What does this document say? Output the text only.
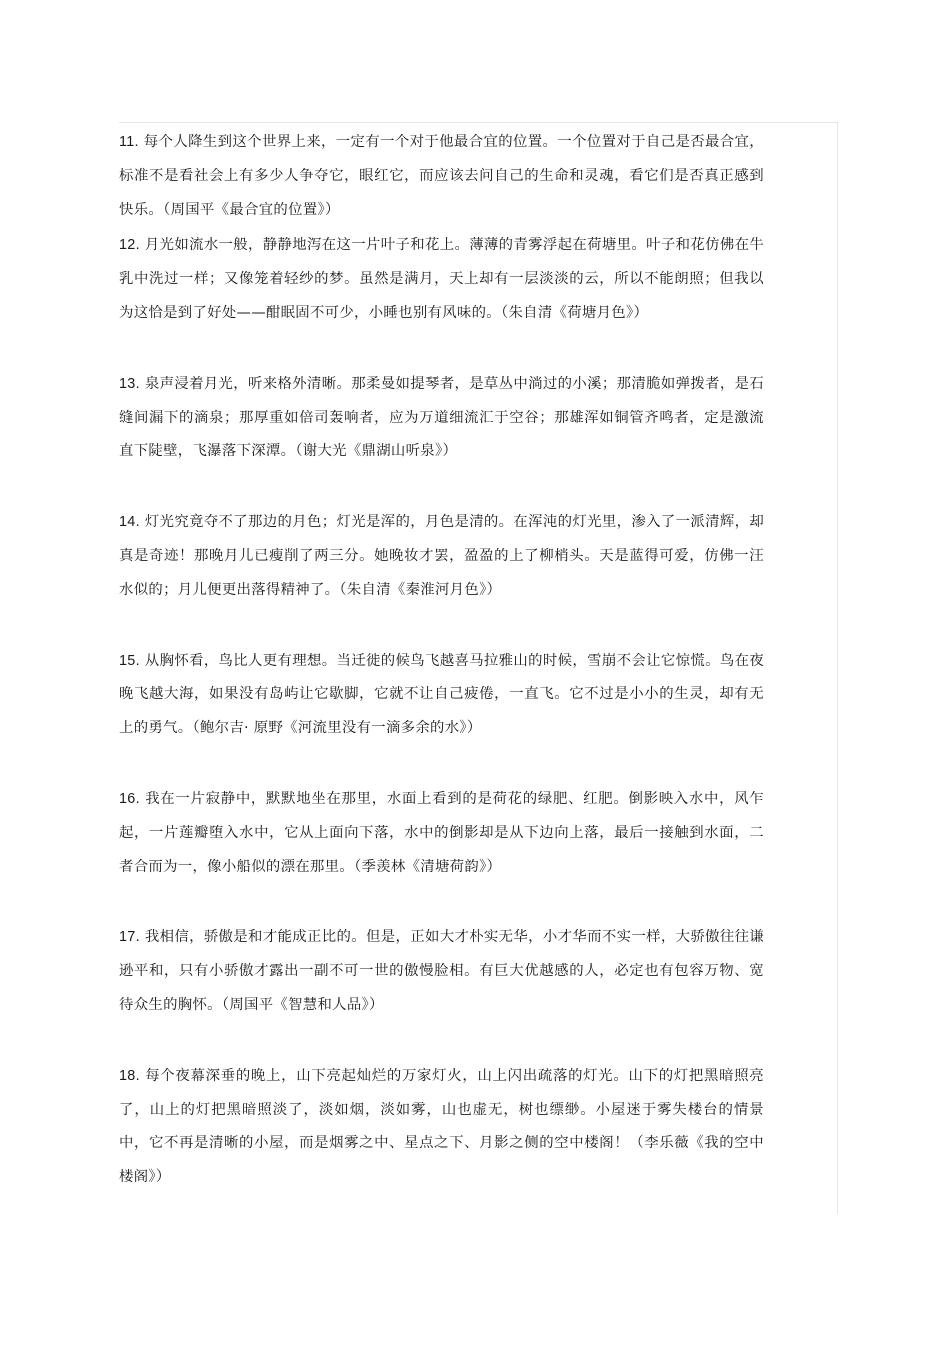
11. 每个人降生到这个世界上来，一定有一个对于他最合宜的位置。一个位置对于自己是否最合宜，标准不是看社会上有多少人争夺它，眼红它，而应该去问自己的生命和灵魂，看它们是否真正感到快乐。（周国平《最合宜的位置》）

12. 月光如流水一般，静静地泻在这一片叶子和花上。薄薄的青雾浮起在荷塘里。叶子和花仿佛在牛乳中洗过一样；又像笼着轻纱的梦。虽然是满月，天上却有一层淡淡的云，所以不能朗照；但我以为这恰是到了好处——酣眠固不可少，小睡也别有风味的。（朱自清《荷塘月色》）

13. 泉声浸着月光，听来格外清晰。那柔曼如提琴者，是草丛中淌过的小溪；那清脆如弹拨者，是石缝间漏下的滴泉；那厚重如倍司轰响者，应为万道细流汇于空谷；那雄浑如铜管齐鸣者，定是激流直下陡壁，飞瀑落下深潭。（谢大光《鼎湖山听泉》）

14. 灯光究竟夺不了那边的月色；灯光是浑的，月色是清的。在浑沌的灯光里，渗入了一派清辉，却真是奇迹！那晚月儿已瘦削了两三分。她晚妆才罢，盈盈的上了柳梢头。天是蓝得可爱，仿佛一汪水似的；月儿便更出落得精神了。（朱自清《秦淮河月色》）

15. 从胸怀看，鸟比人更有理想。当迁徙的候鸟飞越喜马拉雅山的时候，雪崩不会让它惊慌。鸟在夜晚飞越大海，如果没有岛屿让它歇脚，它就不让自己疲倦，一直飞。它不过是小小的生灵，却有无上的勇气。（鲍尔吉· 原野《河流里没有一滴多余的水》）

16. 我在一片寂静中，默默地坐在那里，水面上看到的是荷花的绿肥、红肥。倒影映入水中，风乍起，一片莲瓣堕入水中，它从上面向下落，水中的倒影却是从下边向上落，最后一接触到水面，二者合而为一，像小船似的漂在那里。（季羡林《清塘荷韵》）

17. 我相信，骄傲是和才能成正比的。但是，正如大才朴实无华，小才华而不实一样，大骄傲往往谦逊平和，只有小骄傲才露出一副不可一世的傲慢脸相。有巨大优越感的人，必定也有包容万物、宽待众生的胸怀。（周国平《智慧和人品》）

18. 每个夜幕深垂的晚上，山下亮起灿烂的万家灯火，山上闪出疏落的灯光。山下的灯把黑暗照亮了，山上的灯把黑暗照淡了，淡如烟，淡如雾，山也虚无，树也缥缈。小屋迷于雾失楼台的情景中，它不再是清晰的小屋，而是烟雾之中、星点之下、月影之侧的空中楼阁！（李乐薇《我的空中楼阁》）
